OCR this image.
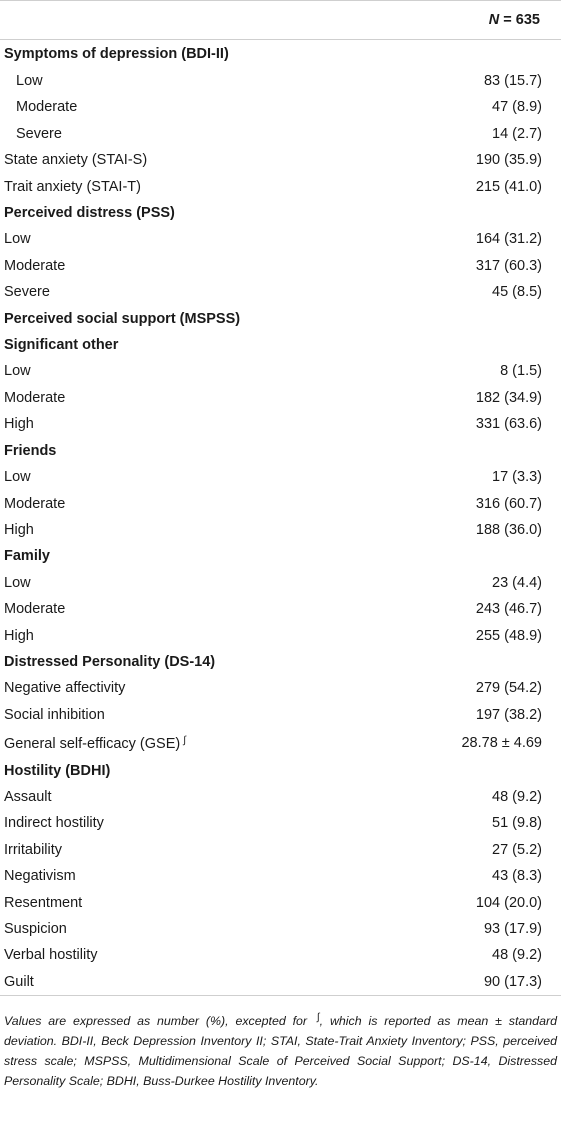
	N = 635
Symptoms of depression (BDI-II)	
Low	83 (15.7)
Moderate	47 (8.9)
Severe	14 (2.7)
State anxiety (STAI-S)	190 (35.9)
Trait anxiety (STAI-T)	215 (41.0)
Perceived distress (PSS)	
Low	164 (31.2)
Moderate	317 (60.3)
Severe	45 (8.5)
Perceived social support (MSPSS)	
Significant other	
Low	8 (1.5)
Moderate	182 (34.9)
High	331 (63.6)
Friends	
Low	17 (3.3)
Moderate	316 (60.7)
High	188 (36.0)
Family	
Low	23 (4.4)
Moderate	243 (46.7)
High	255 (48.9)
Distressed Personality (DS-14)	
Negative affectivity	279 (54.2)
Social inhibition	197 (38.2)
General self-efficacy (GSE) ∫	28.78 ± 4.69
Hostility (BDHI)	
Assault	48 (9.2)
Indirect hostility	51 (9.8)
Irritability	27 (5.2)
Negativism	43 (8.3)
Resentment	104 (20.0)
Suspicion	93 (17.9)
Verbal hostility	48 (9.2)
Guilt	90 (17.3)

Values are expressed as number (%), excepted for ∫, which is reported as mean ± standard deviation. BDI-II, Beck Depression Inventory II; STAI, State-Trait Anxiety Inventory; PSS, perceived stress scale; MSPSS, Multidimensional Scale of Perceived Social Support; DS-14, Distressed Personality Scale; BDHI, Buss-Durkee Hostility Inventory.
